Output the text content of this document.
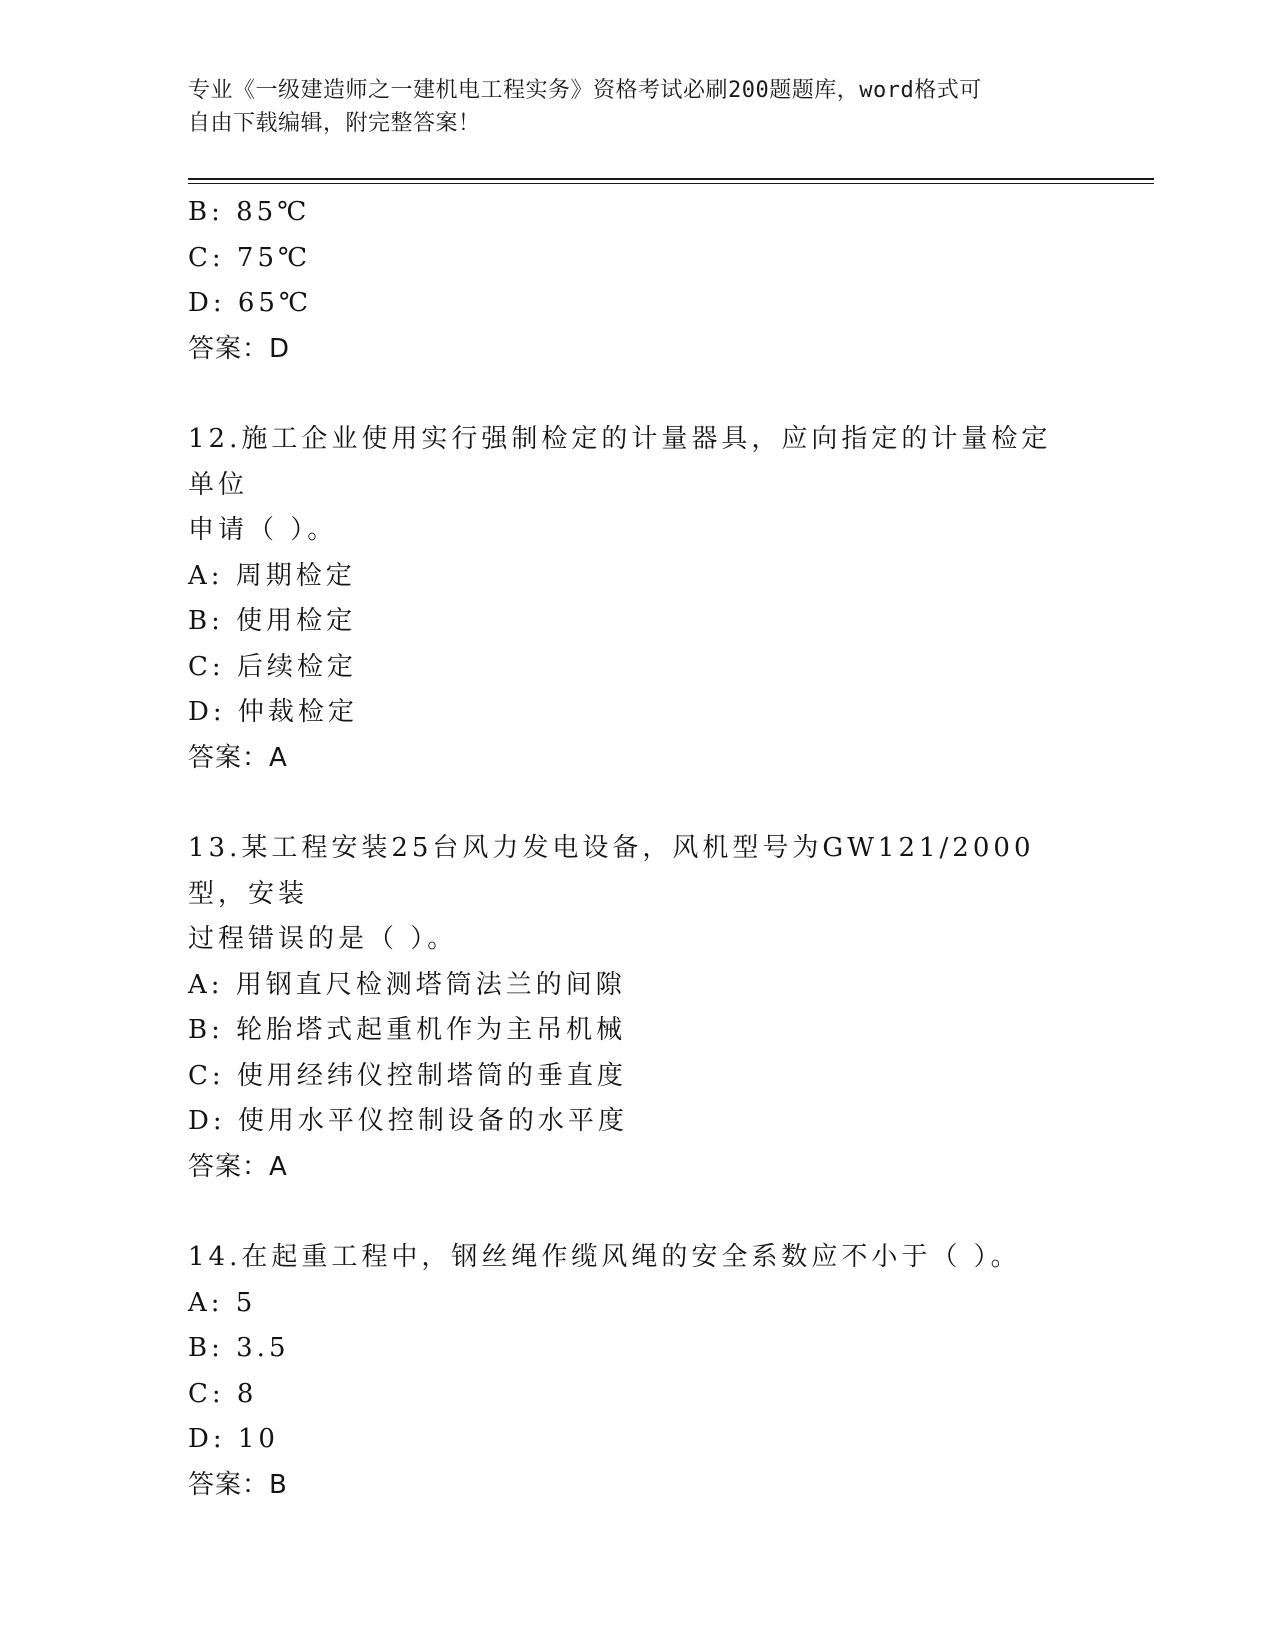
专业《一级建造师之一建机电工程实务》资格考试必刷200题题库，word格式可
自由下载编辑，附完整答案！
B: 85℃
C: 75℃
D: 65℃
答案：D
12.施工企业使用实行强制检定的计量器具，应向指定的计量检定单位
申请（ ）。
A: 周期检定
B: 使用检定
C: 后续检定
D: 仲裁检定
答案：A
13.某工程安装25台风力发电设备，风机型号为GW121/2000型，安装
过程错误的是（ ）。
A: 用钢直尺检测塔筒法兰的间隙
B: 轮胎塔式起重机作为主吊机械
C: 使用经纬仪控制塔筒的垂直度
D: 使用水平仪控制设备的水平度
答案：A
14.在起重工程中，钢丝绳作缆风绳的安全系数应不小于（ ）。
A: 5
B: 3.5
C: 8
D: 10
答案：B
